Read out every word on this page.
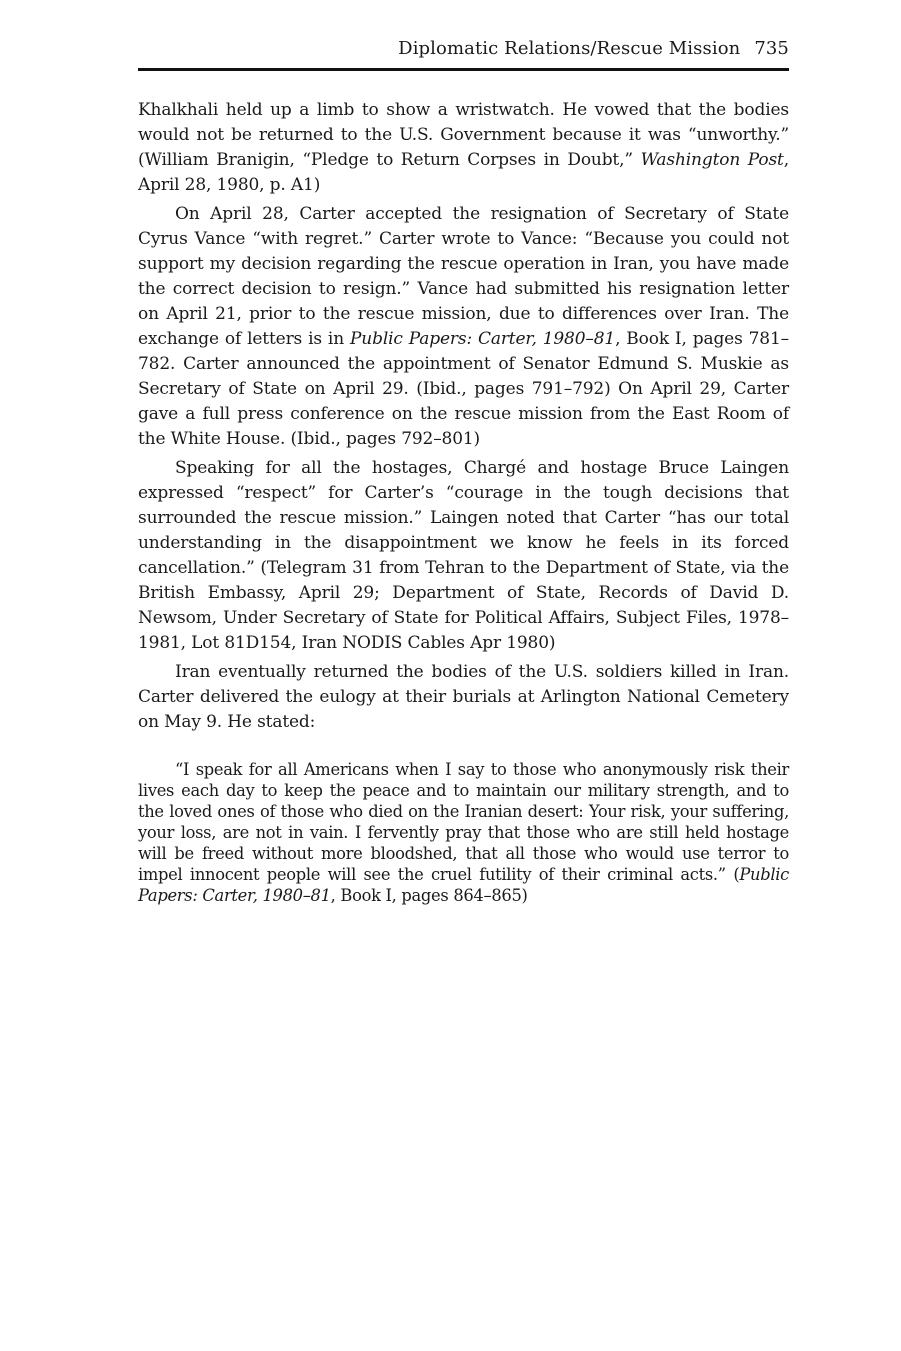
Diplomatic Relations/Rescue Mission 735

Khalkhali held up a limb to show a wristwatch. He vowed that the bodies would not be returned to the U.S. Government because it was “unworthy.” (William Branigin, “Pledge to Return Corpses in Doubt,” Washington Post, April 28, 1980, p. A1)

On April 28, Carter accepted the resignation of Secretary of State Cyrus Vance “with regret.” Carter wrote to Vance: “Because you could not support my decision regarding the rescue operation in Iran, you have made the correct decision to resign.” Vance had submitted his resignation letter on April 21, prior to the rescue mission, due to differences over Iran. The exchange of letters is in Public Papers: Carter, 1980–81, Book I, pages 781–782. Carter announced the appointment of Senator Edmund S. Muskie as Secretary of State on April 29. (Ibid., pages 791–792) On April 29, Carter gave a full press conference on the rescue mission from the East Room of the White House. (Ibid., pages 792–801)

Speaking for all the hostages, Chargé and hostage Bruce Laingen expressed “respect” for Carter’s “courage in the tough decisions that surrounded the rescue mission.” Laingen noted that Carter “has our total understanding in the disappointment we know he feels in its forced cancellation.” (Telegram 31 from Tehran to the Department of State, via the British Embassy, April 29; Department of State, Records of David D. Newsom, Under Secretary of State for Political Affairs, Subject Files, 1978–1981, Lot 81D154, Iran NODIS Cables Apr 1980)

Iran eventually returned the bodies of the U.S. soldiers killed in Iran. Carter delivered the eulogy at their burials at Arlington National Cemetery on May 9. He stated:

“I speak for all Americans when I say to those who anonymously risk their lives each day to keep the peace and to maintain our military strength, and to the loved ones of those who died on the Iranian desert: Your risk, your suffering, your loss, are not in vain. I fervently pray that those who are still held hostage will be freed without more bloodshed, that all those who would use terror to impel innocent people will see the cruel futility of their criminal acts.” (Public Papers: Carter, 1980–81, Book I, pages 864–865)
